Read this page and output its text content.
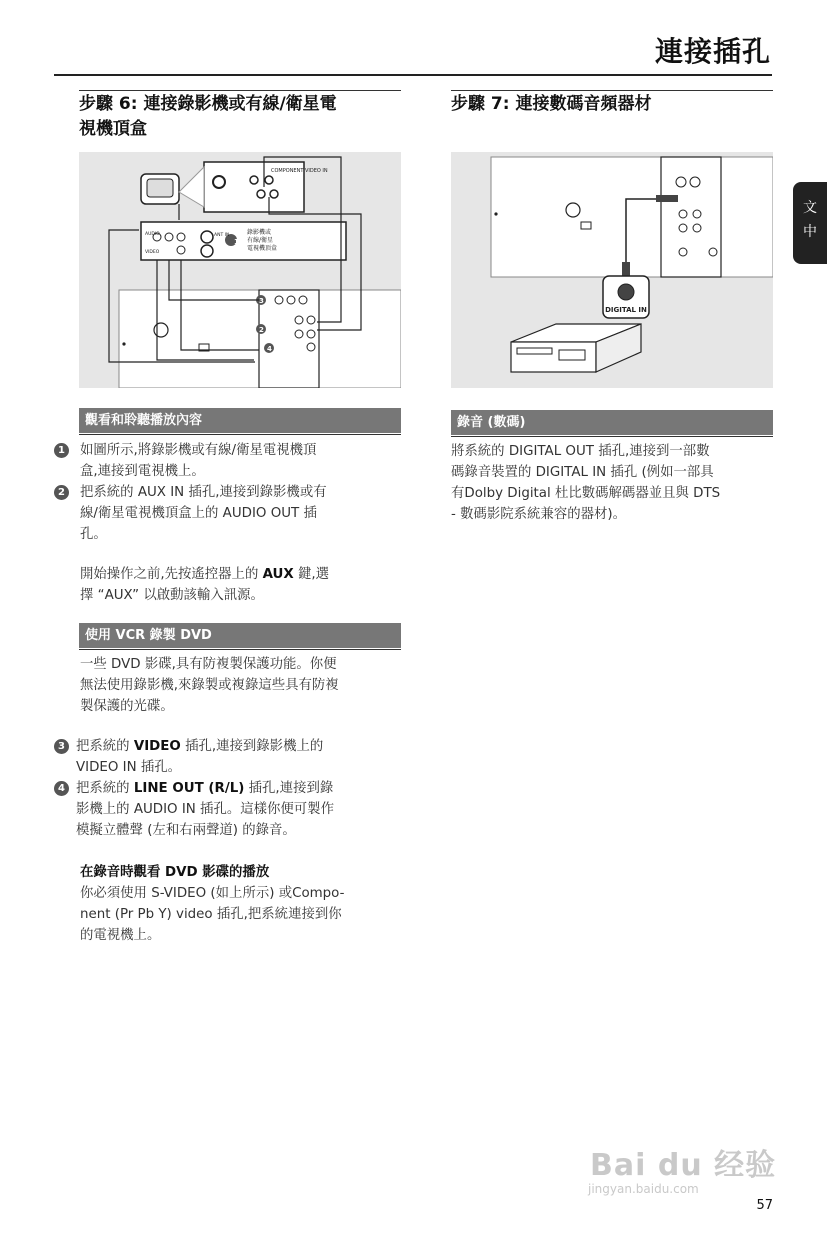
連接插孔
文
中
步驟 6: 連接錄影機或有線/衛星電
視機頂盒
COMPONENT VIDEO IN
1
錄影機或
有線/衛星
電視機頂盒
ANT IN
AUDIO
VIDEO
3
2
4
觀看和聆聽播放內容
1 如圖所示,將錄影機或有線/衛星電視機頂
盒,連接到電視機上。
2 把系統的 AUX IN 插孔,連接到錄影機或有
線/衛星電視機頂盒上的 AUDIO OUT 插
孔。
開始操作之前,先按遙控器上的 AUX 鍵,選
擇 “AUX” 以啟動該輸入訊源。
使用 VCR 錄製 DVD
一些 DVD 影碟,具有防複製保護功能。你便
無法使用錄影機,來錄製或複錄這些具有防複
製保護的光碟。
3 把系統的 VIDEO 插孔,連接到錄影機上的
VIDEO IN 插孔。
4 把系統的 LINE OUT (R/L) 插孔,連接到錄
影機上的 AUDIO IN 插孔。這樣你便可製作
模擬立體聲 (左和右兩聲道) 的錄音。
在錄音時觀看 DVD 影碟的播放
你必須使用 S-VIDEO (如上所示) 或Compo-
nent (Pr Pb Y) video 插孔,把系統連接到你
的電視機上。
步驟 7: 連接數碼音頻器材
DIGITAL IN
錄音 (數碼)
將系統的 DIGITAL OUT 插孔,連接到一部數
碼錄音裝置的 DIGITAL IN 插孔 (例如一部具
有Dolby Digital 杜比數碼解碼器並且與 DTS
- 數碼影院系統兼容的器材)。
Bai du 经验
jingyan.baidu.com
57
